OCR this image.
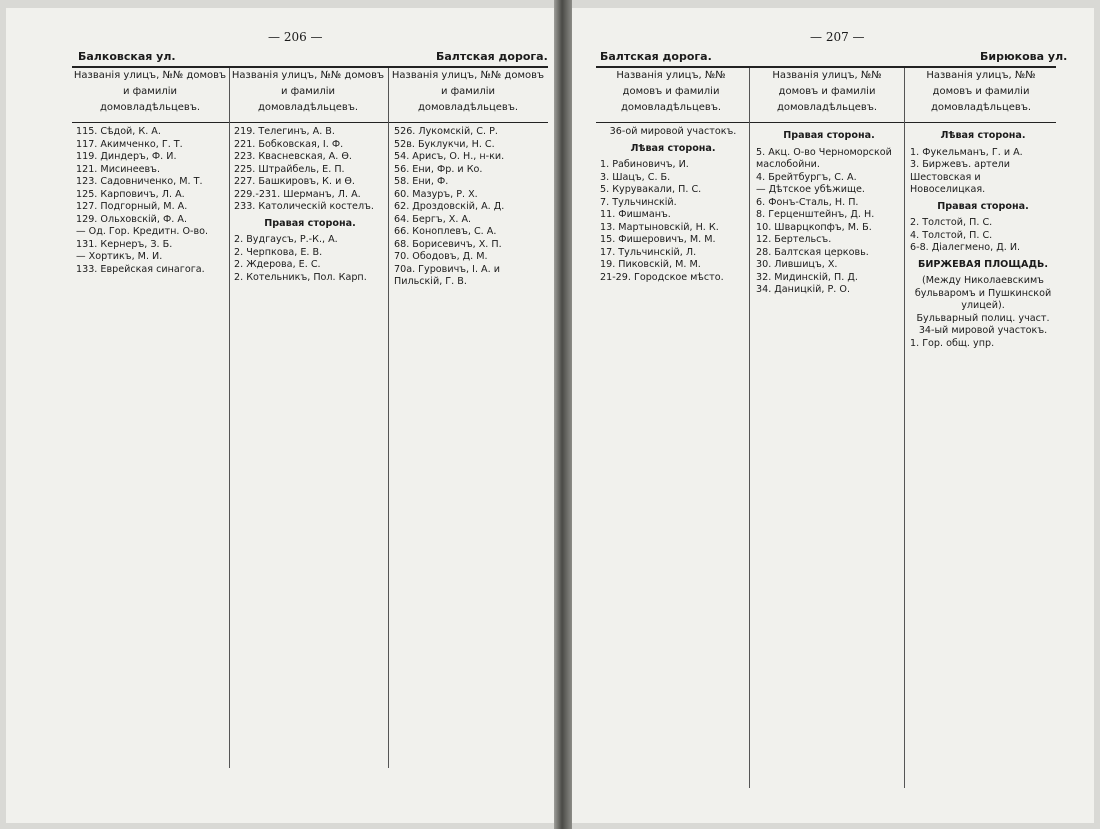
— 206 —
Балковская ул.	Балтская дорога.
Названія улицъ, №№ домовъ и фамиліи домовладѣльцевъ.
Названія улицъ, №№ домовъ и фамиліи домовладѣльцевъ.
Названія улицъ, №№ домовъ и фамиліи домовладѣльцевъ.
115. Сѣдой, К. А.
117. Акимченко, Г. Т.
119. Диндеръ, Ф. И.
121. Мисинеевъ.
123. Садовниченко, М. Т.
125. Карповичъ, Л. А.
127. Подгорный, М. А.
129. Ольховскій, Ф. А.
— Од. Гор. Кредитн. О-во.
131. Кернеръ, З. Б.
— Хортикъ, М. И.
133. Еврейская синагога.
219. Телегинъ, А. В.
221. Бобковская, І. Ф.
223. Квасневская, А. Ѳ.
225. Штрайбель, Е. П.
227. Башкировъ, К. и Ѳ.
229.-231. Шерманъ, Л. А.
233. Католическій костелъ.
Правая сторона.
2. Вудгаусъ, Р.-К., А.
2. Черпкова, Е. В.
2. Ждерова, Е. С.
2. Котельникъ, Пол. Карп.
526. Лукомскій, С. Р.
52в. Буклукчи, Н. С.
54. Арисъ, О. Н., н-ки.
56. Ени, Фр. и Ко.
58. Ени, Ф.
60. Мазуръ, Р. Х.
62. Дроздовскій, А. Д.
64. Бергъ, Х. А.
66. Коноплевъ, С. А.
68. Борисевичъ, Х. П.
70. Ободовъ, Д. М.
70а. Гуровичъ, І. А. и Пильскій, Г. В.
— 207 —
Балтская дорога.	Бирюкова ул.
Названія улицъ, №№ домовъ и фамиліи домовладѣльцевъ.
Названія улицъ, №№ домовъ и фамиліи домовладѣльцевъ.
Названія улицъ, №№ домовъ и фамиліи домовладѣльцевъ.
36-ой мировой участокъ.
Лѣвая сторона.
1. Рабиновичъ, И.
3. Шацъ, С. Б.
5. Курувакали, П. С.
7. Тульчинскій.
11. Фишманъ.
13. Мартыновскій, Н. К.
15. Фишеровичъ, М. М.
17. Тульчинскій, Л.
19. Пиковскій, М. М.
21-29. Городское мѣсто.
Правая сторона.
5. Акц. О-во Черноморской маслобойни.
4. Брейтбургъ, С. А.
— Дѣтское убѣжище.
6. Фонъ-Сталь, Н. П.
8. Герценштейнъ, Д. Н.
10. Шварцкопфъ, М. Б.
12. Бертельсъ.
28. Балтская церковь.
30. Лившицъ, Х.
32. Мидинскій, П. Д.
34. Даницкій, Р. О.
Лѣвая сторона.
1. Фукельманъ, Г. и А.
3. Биржевъ. артели Шестовская и Новоселицкая.
Правая сторона.
2. Толстой, П. С.
4. Толстой, П. С.
6-8. Діалегменo, Д. И.
БИРЖЕВАЯ ПЛОЩАДЬ.
(Между Николаевскимъ бульваромъ и Пушкинской улицей).
Бульварный полиц. участ.
34-ый мировой участокъ.
1. Гор. общ. упр.
